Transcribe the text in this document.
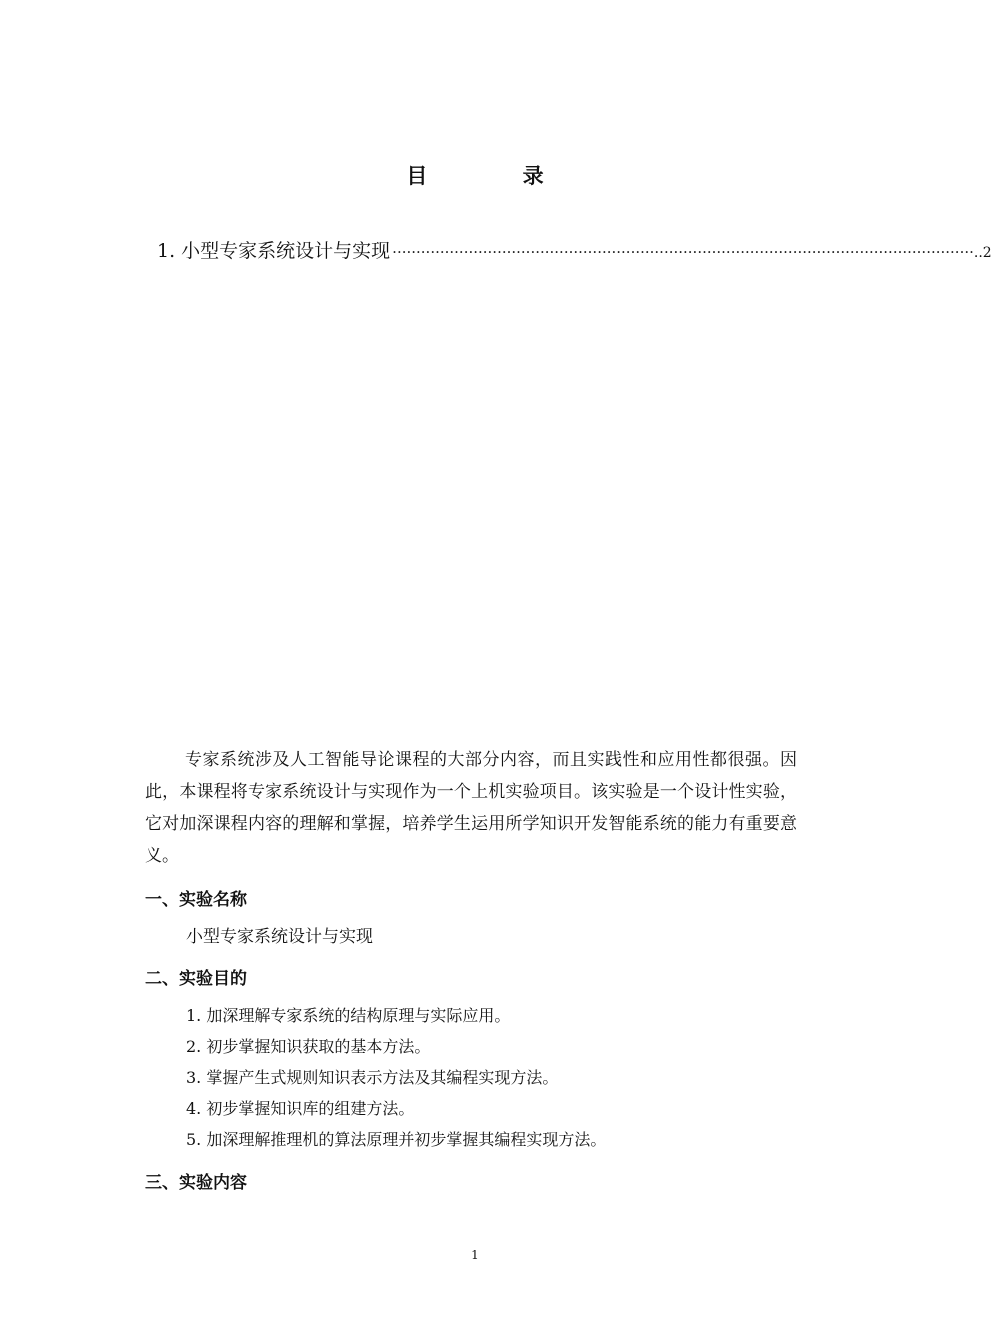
目 录
1. 小型专家系统设计与实现 ·························································································································· ..2

专家系统涉及人工智能导论课程的大部分内容，而且实践性和应用性都很强。因此，本课程将专家系统设计与实现作为一个上机实验项目。该实验是一个设计性实验，它对加深课程内容的理解和掌握，培养学生运用所学知识开发智能系统的能力有重要意义。

一、实验名称

小型专家系统设计与实现

二、实验目的
1. 加深理解专家系统的结构原理与实际应用。
2. 初步掌握知识获取的基本方法。
3. 掌握产生式规则知识表示方法及其编程实现方法。
4. 初步掌握知识库的组建方法。
5. 加深理解推理机的算法原理并初步掌握其编程实现方法。
三、实验内容
1
